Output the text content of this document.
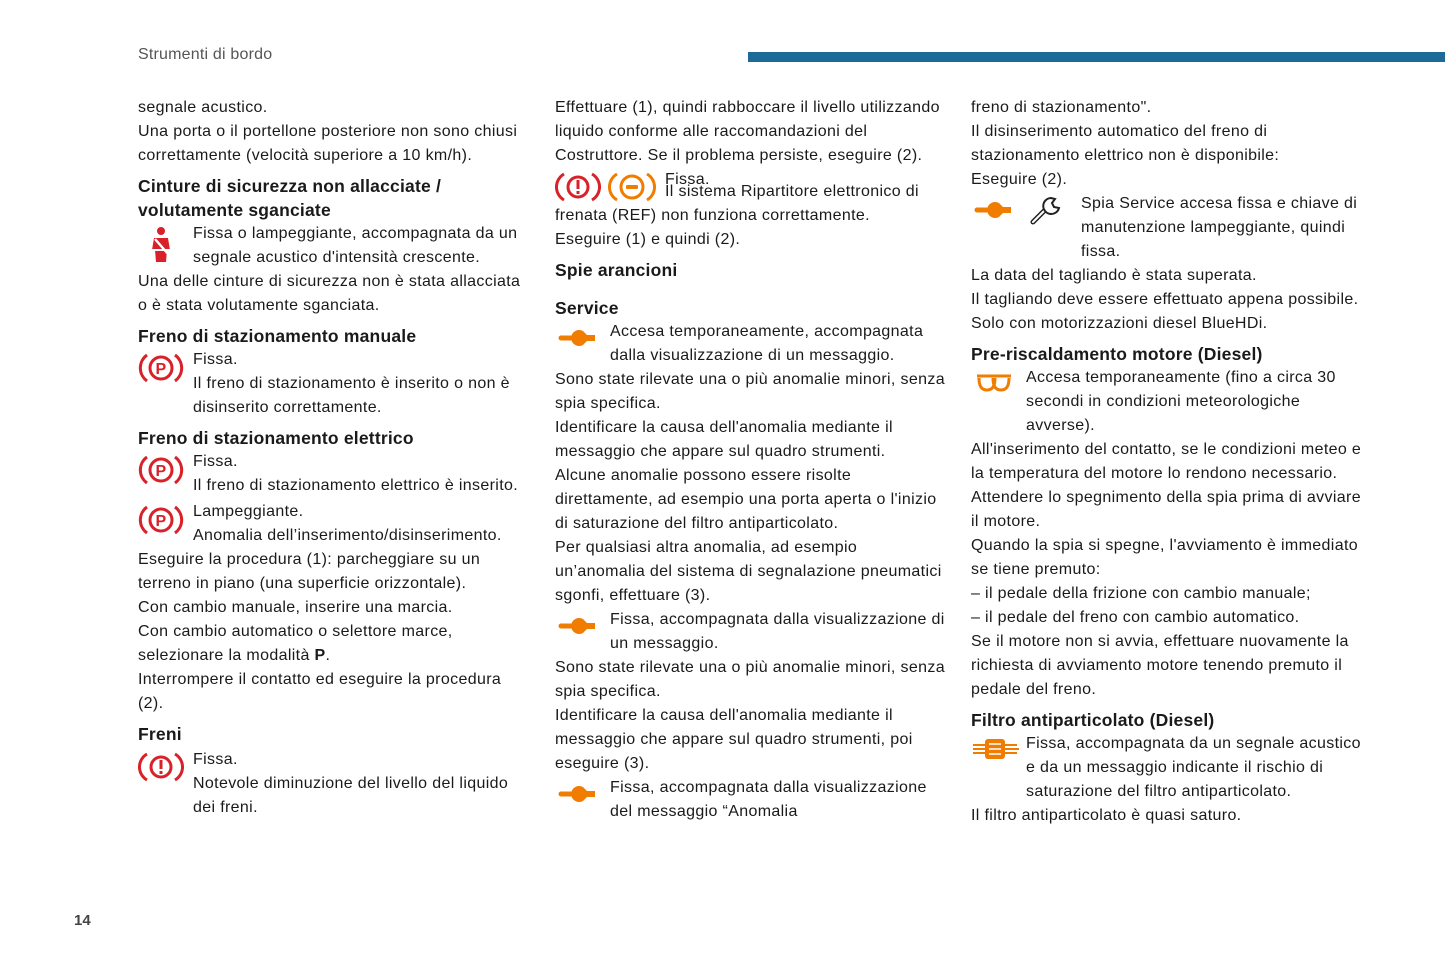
Strumenti di bordo

segnale acustico.

Una porta o il portellone posteriore non sono chiusi correttamente (velocità superiore a 10 km/h).

Cinture di sicurezza non allacciate / volutamente sganciate

Fissa o lampeggiante, accompagnata da un segnale acustico d'intensità crescente.

Una delle cinture di sicurezza non è stata allacciata o è stata volutamente sganciata.

Freno di stazionamento manuale
P

Fissa.
Il freno di stazionamento è inserito o non è disinserito correttamente.

Freno di stazionamento elettrico
P

Fissa.
Il freno di stazionamento elettrico è inserito.

P

Lampeggiante.
Anomalia dell’inserimento/disinserimento.

Eseguire la procedura (1): parcheggiare su un terreno in piano (una superficie orizzontale).

Con cambio manuale, inserire una marcia.

Con cambio automatico o selettore marce, selezionare la modalità P.

Interrompere il contatto ed eseguire la procedura (2).

Freni

Fissa.
Notevole diminuzione del livello del liquido dei freni.

Effettuare (1), quindi rabboccare il livello utilizzando liquido conforme alle raccomandazioni del Costruttore. Se il problema persiste, eseguire (2).

Fissa.

Il sistema Ripartitore elettronico di frenata (REF) non funziona correttamente.

Eseguire (1) e quindi (2).

Spie arancioni
Service

Accesa temporaneamente, accompagnata dalla visualizzazione di un messaggio.

Sono state rilevate una o più anomalie minori, senza spia specifica.

Identificare la causa dell'anomalia mediante il messaggio che appare sul quadro strumenti.

Alcune anomalie possono essere risolte direttamente, ad esempio una porta aperta o l'inizio di saturazione del filtro antiparticolato.

Per qualsiasi altra anomalia, ad esempio un’anomalia del sistema di segnalazione pneumatici sgonfi, effettuare (3).

Fissa, accompagnata dalla visualizzazione di un messaggio.

Sono state rilevate una o più anomalie minori, senza spia specifica.

Identificare la causa dell'anomalia mediante il messaggio che appare sul quadro strumenti, poi eseguire (3).

Fissa, accompagnata dalla visualizzazione del messaggio “Anomalia

freno di stazionamento".

Il disinserimento automatico del freno di stazionamento elettrico non è disponibile:

Eseguire (2).

Spia Service accesa fissa e chiave di manutenzione lampeggiante, quindi fissa.

La data del tagliando è stata superata.

Il tagliando deve essere effettuato appena possibile.

Solo con motorizzazioni diesel BlueHDi.

Pre-riscaldamento motore (Diesel)

Accesa temporaneamente (fino a circa 30 secondi in condizioni meteorologiche avverse).

All'inserimento del contatto, se le condizioni meteo e la temperatura del motore lo rendono necessario.

Attendere lo spegnimento della spia prima di avviare il motore.

Quando la spia si spegne, l'avviamento è immediato se tiene premuto:

– il pedale della frizione con cambio manuale;

– il pedale del freno con cambio automatico.

Se il motore non si avvia, effettuare nuovamente la richiesta di avviamento motore tenendo premuto il pedale del freno.

Filtro antiparticolato (Diesel)

Fissa, accompagnata da un segnale acustico e da un messaggio indicante il rischio di saturazione del filtro antiparticolato.

Il filtro antiparticolato è quasi saturo.

14
